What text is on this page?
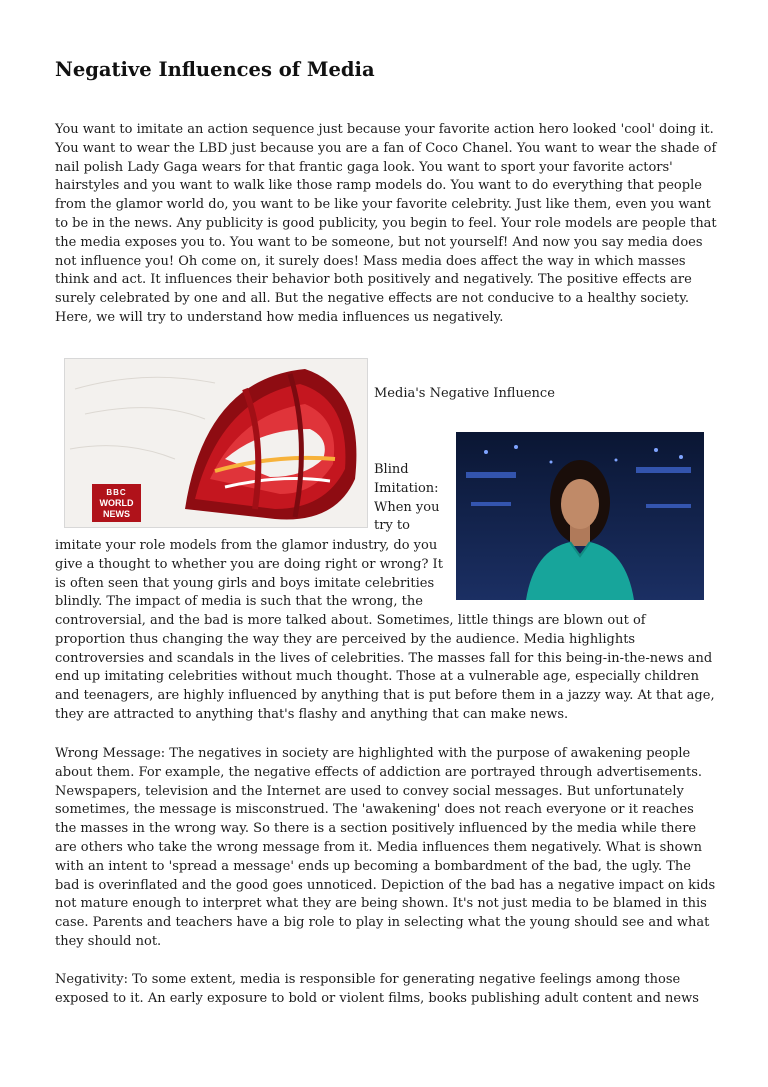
Negative Influences of Media

You want to imitate an action sequence just because your favorite action hero looked 'cool' doing it. You want to wear the LBD just because you are a fan of Coco Chanel. You want to wear the shade of nail polish Lady Gaga wears for that frantic gaga look. You want to sport your favorite actors' hairstyles and you want to walk like those ramp models do. You want to do everything that people from the glamor world do, you want to be like your favorite celebrity. Just like them, even you want to be in the news. Any publicity is good publicity, you begin to feel. Your role models are people that the media exposes you to. You want to be someone, but not yourself! And now you say media does not influence you! Oh come on, it surely does! Mass media does affect the way in which masses think and act. It influences their behavior both positively and negatively. The positive effects are surely celebrated by one and all. But the negative effects are not conducive to a healthy society. Here, we will try to understand how media influences us negatively.

BBC
WORLD
NEWS
Media's Negative Influence
Blind Imitation: When you try to

imitate your role models from the glamor industry, do you give a thought to whether you are doing right or wrong? It is often seen that young girls and boys imitate celebrities blindly. The impact of media is such that the wrong, the

controversial, and the bad is more talked about. Sometimes, little things are blown out of proportion thus changing the way they are perceived by the audience. Media highlights controversies and scandals in the lives of celebrities. The masses fall for this being-in-the-news and end up imitating celebrities without much thought. Those at a vulnerable age, especially children and teenagers, are highly influenced by anything that is put before them in a jazzy way. At that age, they are attracted to anything that's flashy and anything that can make news.

Wrong Message: The negatives in society are highlighted with the purpose of awakening people about them. For example, the negative effects of addiction are portrayed through advertisements. Newspapers, television and the Internet are used to convey social messages. But unfortunately sometimes, the message is misconstrued. The 'awakening' does not reach everyone or it reaches the masses in the wrong way. So there is a section positively influenced by the media while there are others who take the wrong message from it. Media influences them negatively. What is shown with an intent to 'spread a message' ends up becoming a bombardment of the bad, the ugly. The bad is overinflated and the good goes unnoticed. Depiction of the bad has a negative impact on kids not mature enough to interpret what they are being shown. It's not just media to be blamed in this case. Parents and teachers have a big role to play in selecting what the young should see and what they should not.

Negativity: To some extent, media is responsible for generating negative feelings among those exposed to it. An early exposure to bold or violent films, books publishing adult content and news
